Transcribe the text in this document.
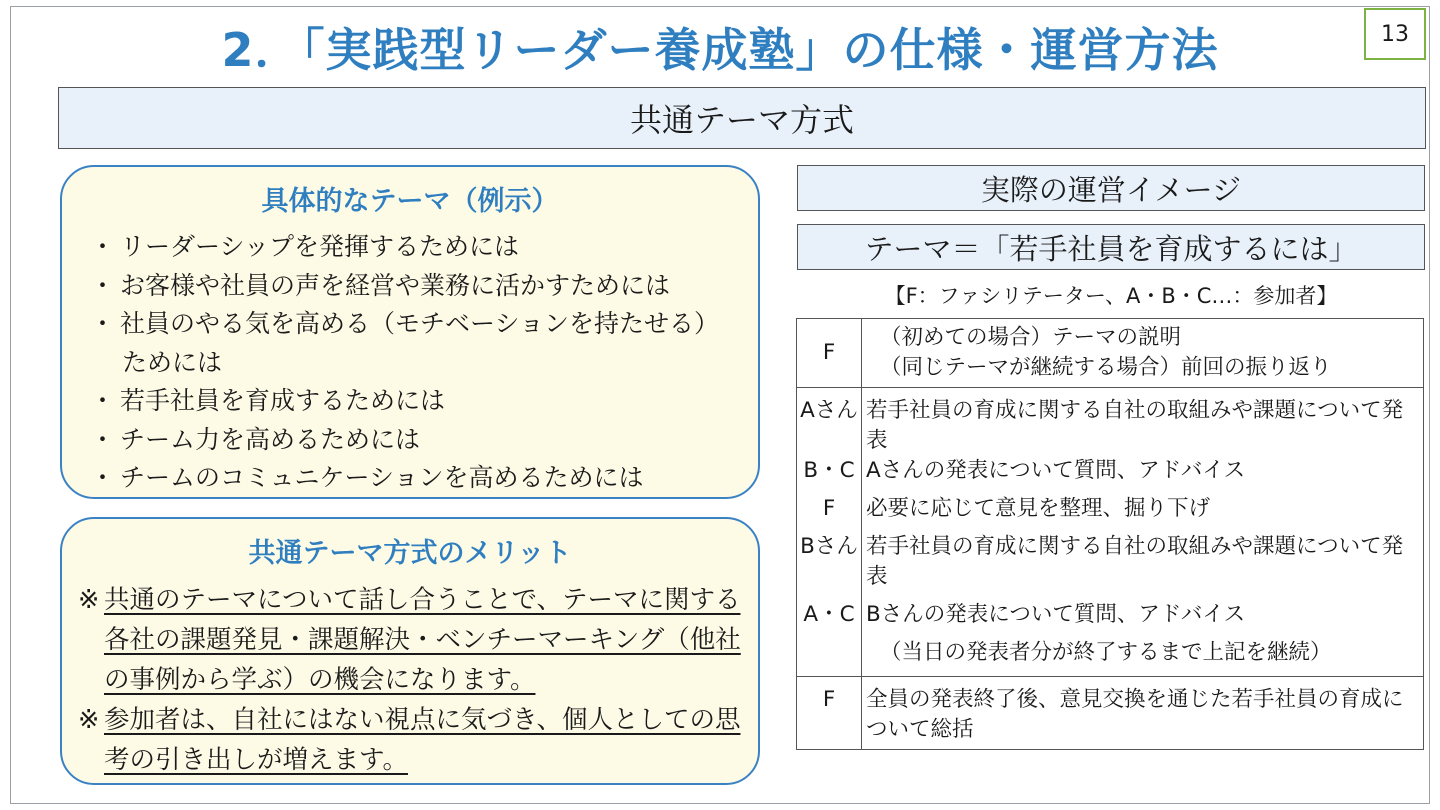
2．「実践型リーダー養成塾」の仕様・運営方法	13
共通テーマ方式
具体的なテーマ（例示）
・ リーダーシップを発揮するためには
・ お客様や社員の声を経営や業務に活かすためには
・ 社員のやる気を高める（モチベーションを持たせる）
ためには
・ 若手社員を育成するためには
・ チーム力を高めるためには
・ チームのコミュニケーションを高めるためには
共通テーマ方式のメリット
※ 共通のテーマについて話し合うことで、テーマに関する各社の課題発見・課題解決・ベンチーマーキング（他社の事例から学ぶ）の機会になります。
※ 参加者は、自社にはない視点に気づき、個人としての思考の引き出しが増えます。
実際の運営イメージ
テーマ＝「若手社員を育成するには」
【F：ファシリテーター、A・B・C…：参加者】
F	（初めての場合）テーマの説明
（同じテーマが継続する場合）前回の振り返り
Aさん	若手社員の育成に関する自社の取組みや課題について発表
B・C	Aさんの発表について質問、アドバイス
F	必要に応じて意見を整理、掘り下げ
Bさん	若手社員の育成に関する自社の取組みや課題について発表
A・C	Bさんの発表について質問、アドバイス
	（当日の発表者分が終了するまで上記を継続）
F	全員の発表終了後、意見交換を通じた若手社員の育成について総括
